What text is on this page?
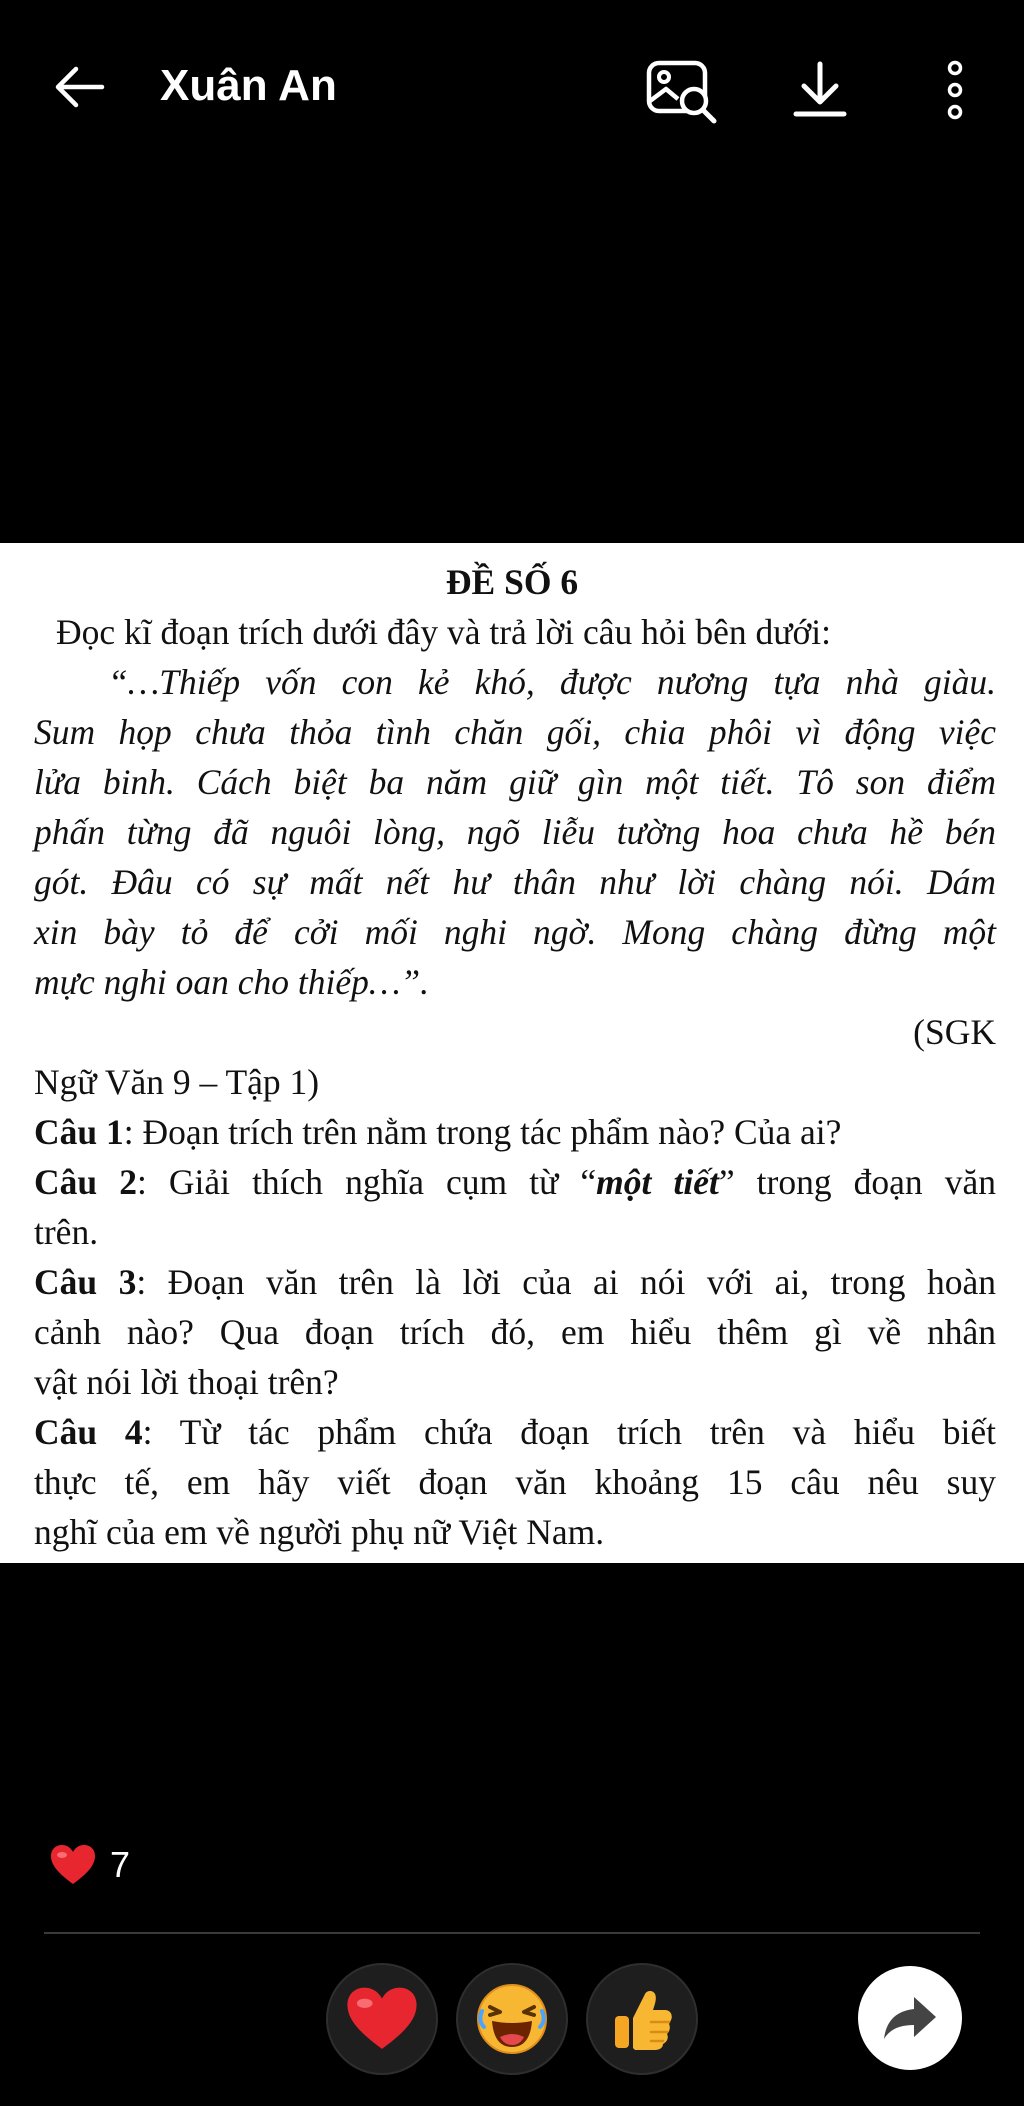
Xuân An
ĐỀ SỐ 6
Đọc kĩ đoạn trích dưới đây và trả lời câu hỏi bên dưới:
“…Thiếp vốn con kẻ khó, được nương tựa nhà giàu.
Sum họp chưa thỏa tình chăn gối, chia phôi vì động việc
lửa binh. Cách biệt ba năm giữ gìn một tiết. Tô son điểm
phấn từng đã nguôi lòng, ngõ liễu tường hoa chưa hề bén
gót. Đâu có sự mất nết hư thân như lời chàng nói. Dám
xin bày tỏ để cởi mối nghi ngờ. Mong chàng đừng một
mực nghi oan cho thiếp…”.
(SGK
Ngữ Văn 9 – Tập 1)
Câu 1: Đoạn trích trên nằm trong tác phẩm nào? Của ai?
Câu 2: Giải thích nghĩa cụm từ “một tiết” trong đoạn văn
trên.
Câu 3: Đoạn văn trên là lời của ai nói với ai, trong hoàn
cảnh nào? Qua đoạn trích đó, em hiểu thêm gì về nhân
vật nói lời thoại trên?
Câu 4: Từ tác phẩm chứa đoạn trích trên và hiểu biết
thực tế, em hãy viết đoạn văn khoảng 15 câu nêu suy
nghĩ của em về người phụ nữ Việt Nam.
7
